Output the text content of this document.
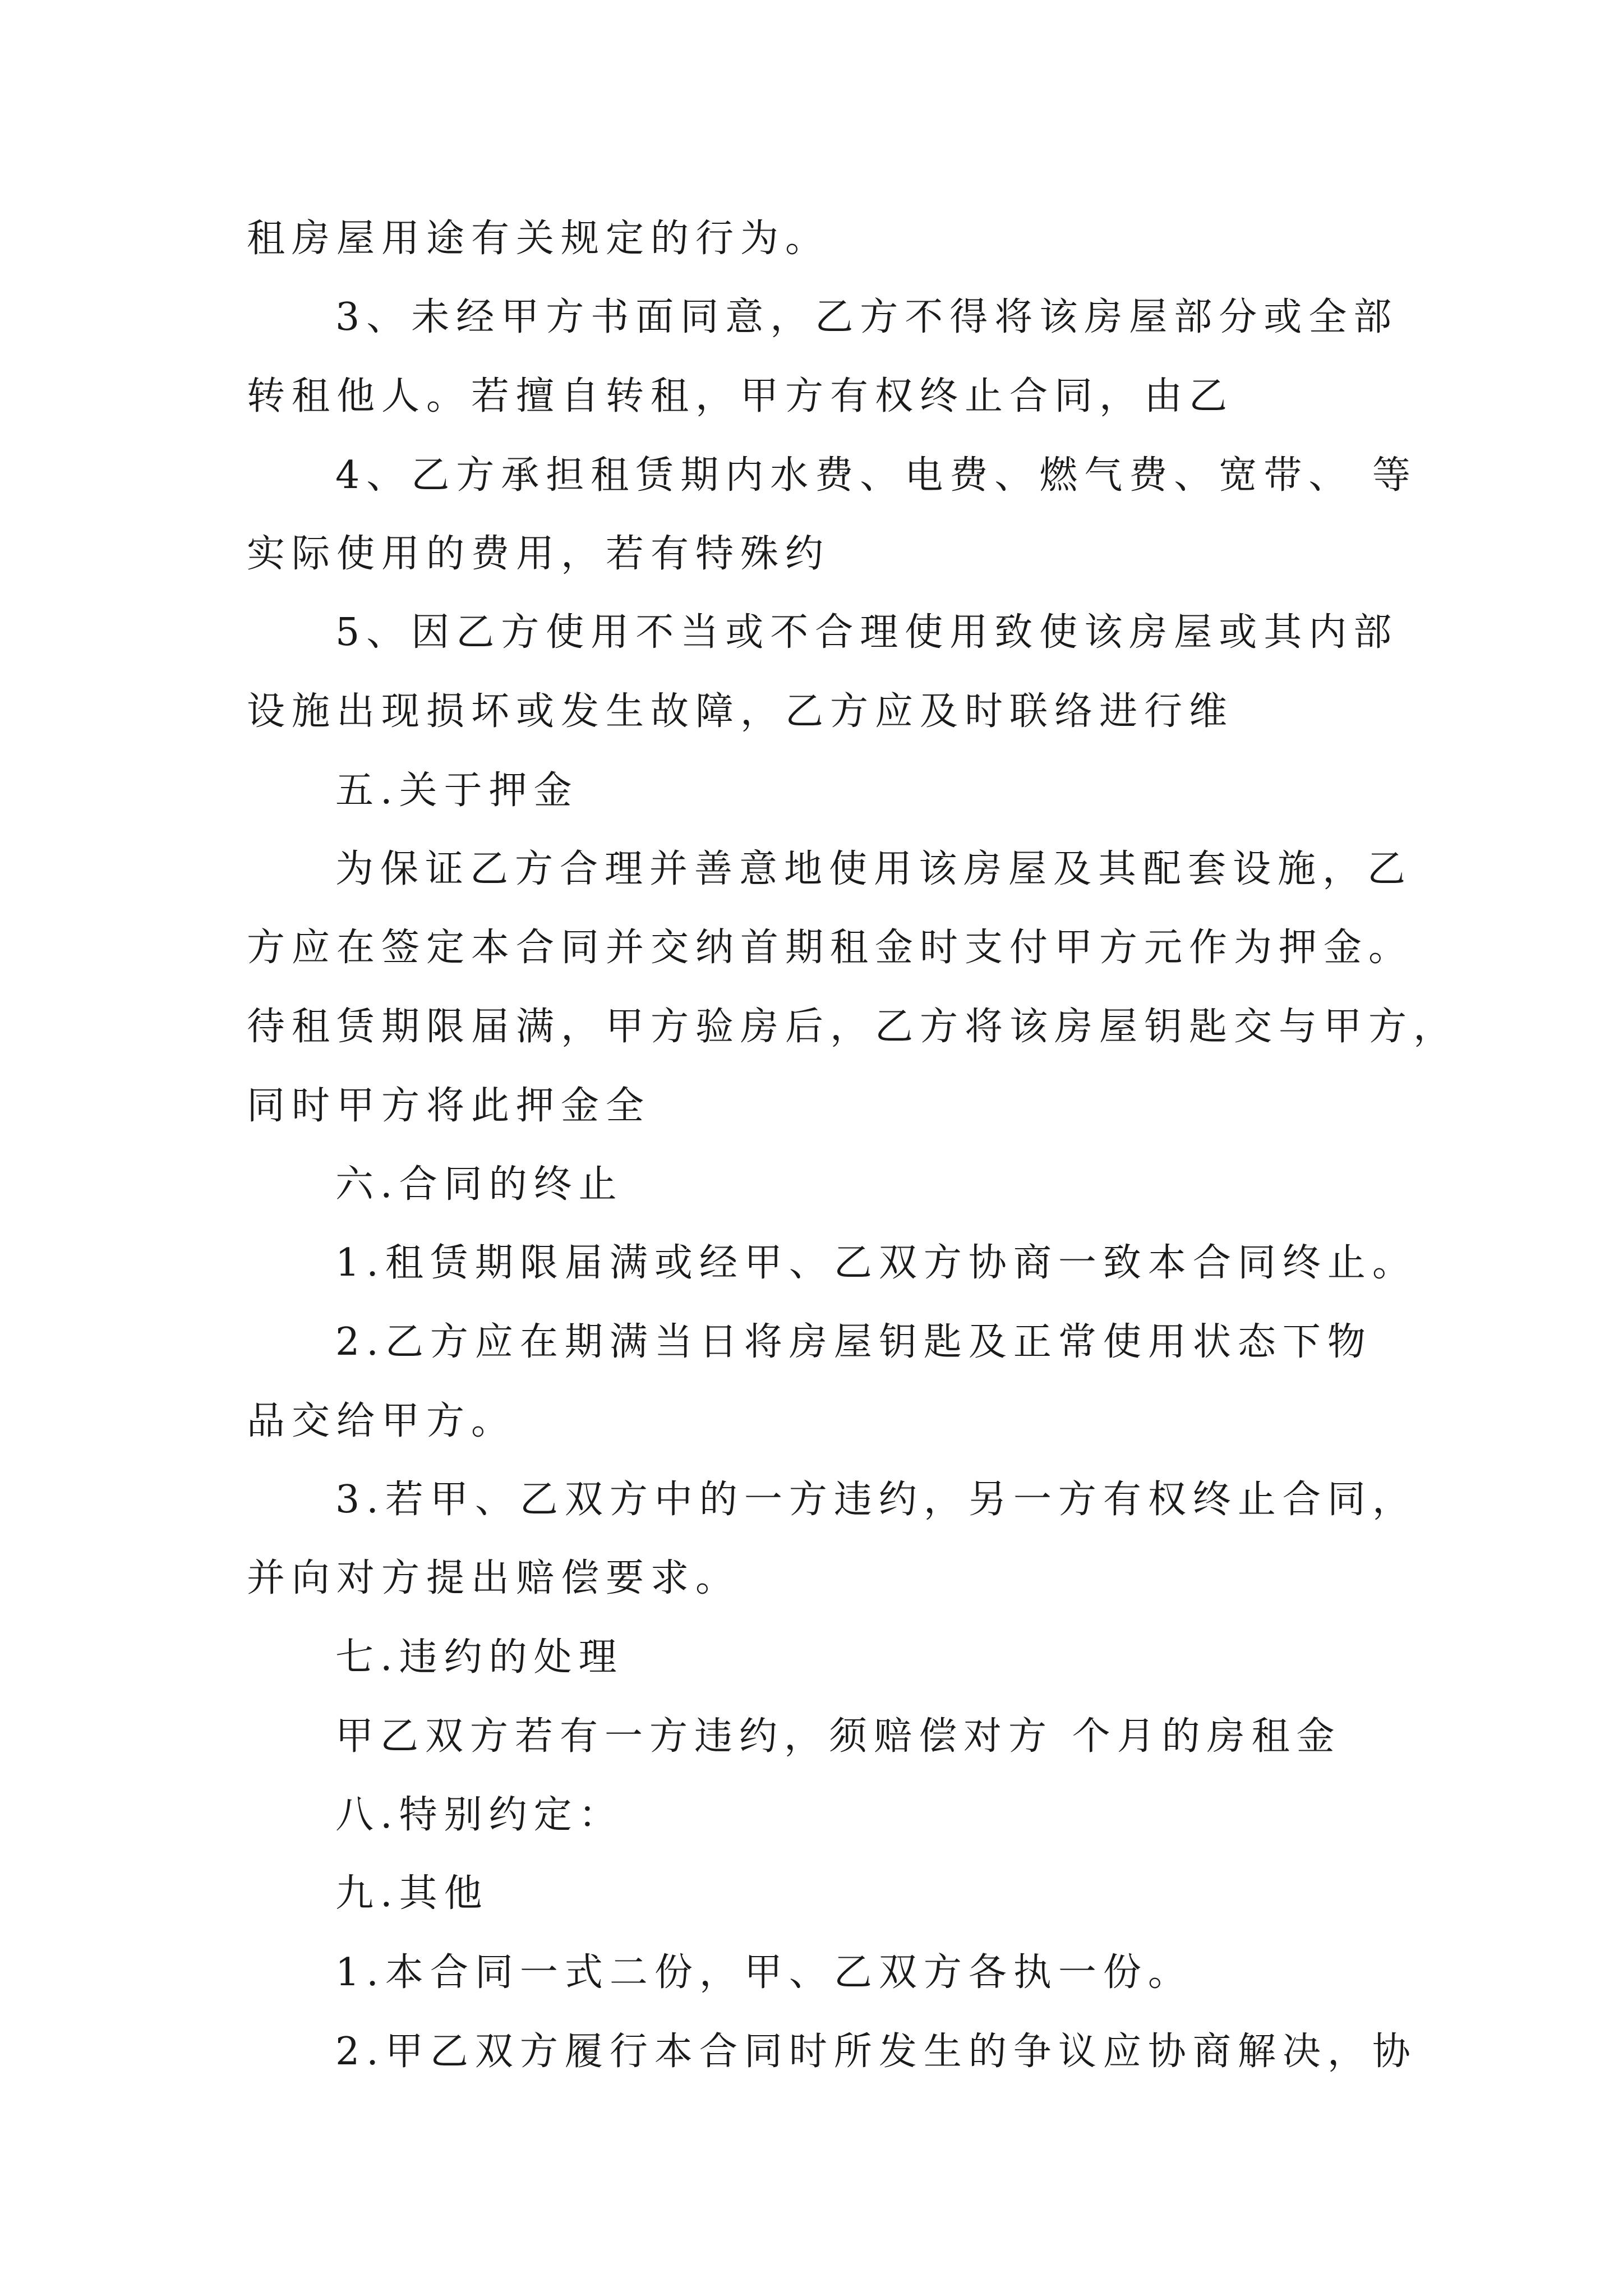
租房屋用途有关规定的行为。
3、未经甲方书面同意，乙方不得将该房屋部分或全部
转租他人。若擅自转租，甲方有权终止合同，由乙
4、乙方承担租赁期内水费、电费、燃气费、宽带、 等
实际使用的费用，若有特殊约
5、因乙方使用不当或不合理使用致使该房屋或其内部
设施出现损坏或发生故障，乙方应及时联络进行维
五.关于押金
为保证乙方合理并善意地使用该房屋及其配套设施，乙
方应在签定本合同并交纳首期租金时支付甲方元作为押金。
待租赁期限届满，甲方验房后，乙方将该房屋钥匙交与甲方，
同时甲方将此押金全
六.合同的终止
1.租赁期限届满或经甲、乙双方协商一致本合同终止。
2.乙方应在期满当日将房屋钥匙及正常使用状态下物
品交给甲方。
3.若甲、乙双方中的一方违约，另一方有权终止合同，
并向对方提出赔偿要求。
七.违约的处理
甲乙双方若有一方违约，须赔偿对方 个月的房租金
八.特别约定：
九.其他
1.本合同一式二份，甲、乙双方各执一份。
2.甲乙双方履行本合同时所发生的争议应协商解决，协
